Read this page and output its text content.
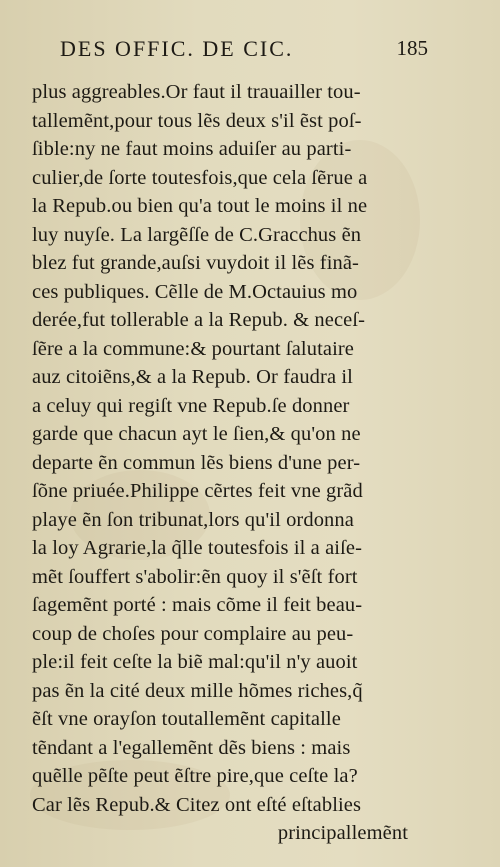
DES OFFIC. DE CIC.	185
plus aggreables.Or faut il trauailler tou-
tallemẽnt,pour tous lẽs deux s'il ẽst poſ-
ſible:ny ne faut moins aduiſer au parti-
culier,de ſorte toutesfois,que cela ſẽrue a
la Repub.ou bien qu'a tout le moins il ne
luy nuyſe. La largẽſſe de C.Gracchus ẽn
blez fut grande,auſsi vuydoit il lẽs finã-
ces publiques. Cẽlle de M.Octauius mo
derée,fut tollerable a la Repub. & neceſ-
ſẽre a la commune:& pourtant ſalutaire
auz citoiẽns,& a la Repub. Or faudra il
a celuy qui regiſt vne Repub.ſe donner
garde que chacun ayt le ſien,& qu'on ne
departe ẽn commun lẽs biens d'une per-
ſõne priuée.Philippe cẽrtes feit vne grãd
playe ẽn ſon tribunat,lors qu'il ordonna
la loy Agrarie,la q̃lle toutesfois il a aiſe-
mẽt ſouffert s'abolir:ẽn quoy il s'ẽſt fort
ſagemẽnt porté : mais cõme il feit beau-
coup de choſes pour complaire au peu-
ple:il feit ceſte la biẽ mal:qu'il n'y auoit
pas ẽn la cité deux mille hõmes riches,q̃
ẽſt vne orayſon toutallemẽnt capitalle
tẽndant a l'egallemẽnt dẽs biens : mais
quẽlle pẽſte peut ẽſtre pire,que ceſte la?
Car lẽs Repub.& Citez ont eſté eſtablies
principallemẽnt
